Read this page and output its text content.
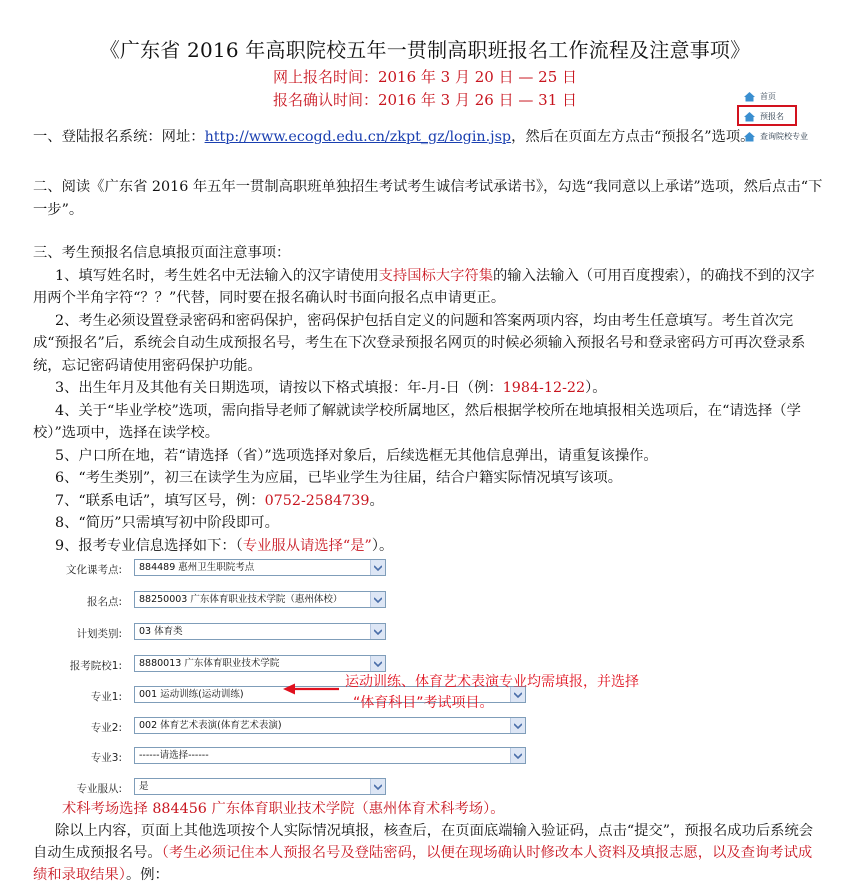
《广东省 2016 年高职院校五年一贯制高职班报名工作流程及注意事项》
网上报名时间：2016 年 3 月 20 日 — 25 日
报名确认时间：2016 年 3 月 26 日 — 31 日	首页
预报名
查询院校专业
一、登陆报名系统：网址：http://www.ecogd.edu.cn/zkpt_gz/login.jsp，然后在页面左方点击“预报名”选项。
二、阅读《广东省 2016 年五年一贯制高职班单独招生考试考生诚信考试承诺书》，勾选“我同意以上承诺”选项，然后点击“下一步”。
三、考生预报名信息填报页面注意事项：
1、填写姓名时，考生姓名中无法输入的汉字请使用支持国标大字符集的输入法输入（可用百度搜索），的确找不到的汉字用两个半角字符“？？”代替，同时要在报名确认时书面向报名点申请更正。
2、考生必须设置登录密码和密码保护，密码保护包括自定义的问题和答案两项内容，均由考生任意填写。考生首次完成“预报名”后，系统会自动生成预报名号，考生在下次登录预报名网页的时候必须输入预报名号和登录密码方可再次登录系统，忘记密码请使用密码保护功能。
3、出生年月及其他有关日期选项，请按以下格式填报：年-月-日（例：1984-12-22）。
4、关于“毕业学校”选项，需向指导老师了解就读学校所属地区，然后根据学校所在地填报相关选项后，在“请选择（学校）”选项中，选择在读学校。
5、户口所在地，若“请选择（省）”选项选择对象后，后续选框无其他信息弹出，请重复该操作。
6、“考生类别”，初三在读学生为应届，已毕业学生为往届，结合户籍实际情况填写该项。
7、“联系电话”，填写区号，例：0752-2584739。
8、“简历”只需填写初中阶段即可。
9、报考专业信息选择如下：（专业服从请选择“是”）。
文化课考点:	884489 惠州卫生职院考点
报名点:	88250003 广东体育职业技术学院（惠州体校）
计划类别:	03 体育类
报考院校1:	8880013 广东体育职业技术学院
专业1:	001 运动训练(运动训练)
专业2:	002 体育艺术表演(体育艺术表演)
专业3:	------请选择------
专业服从:	是
运动训练、体育艺术表演专业均需填报，并选择
“体育科目”考试项目。
术科考场选择 884456 广东体育职业技术学院（惠州体育术科考场）。
除以上内容，页面上其他选项按个人实际情况填报，核查后，在页面底端输入验证码，点击“提交”，预报名成功后系统会自动生成预报名号。（考生必须记住本人预报名号及登陆密码，以便在现场确认时修改本人资料及填报志愿，以及查询考试成绩和录取结果）。例：
